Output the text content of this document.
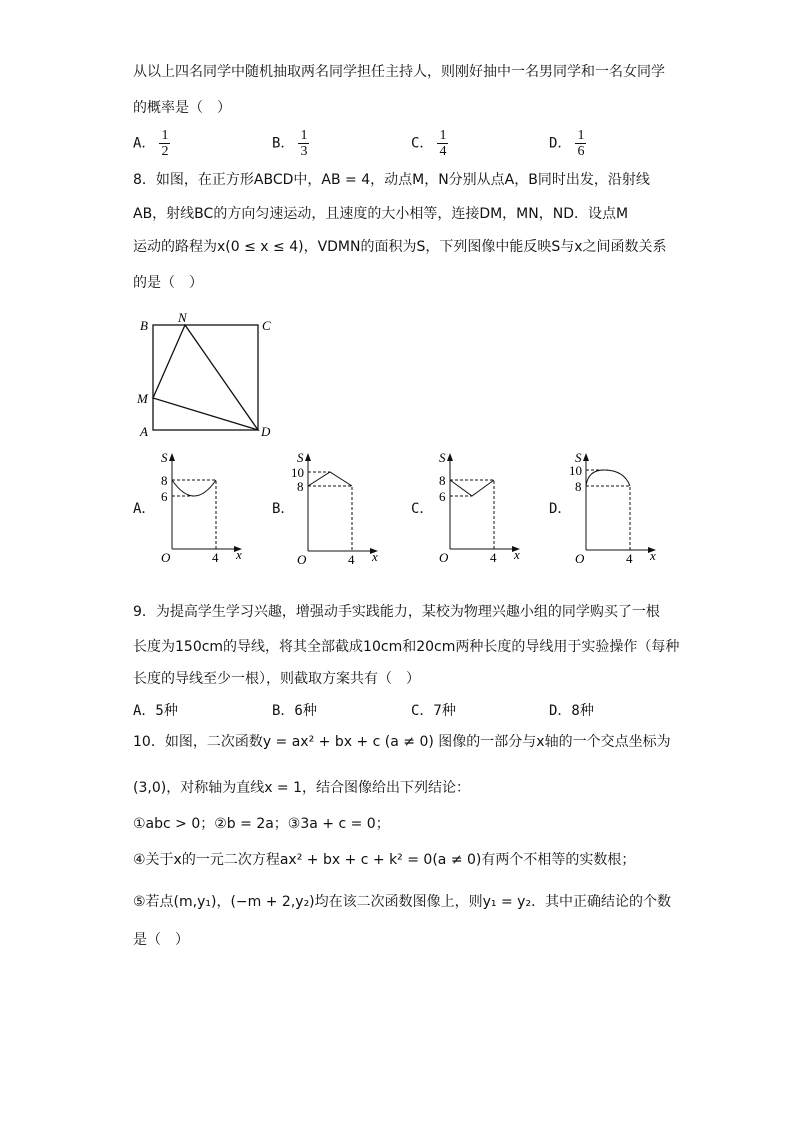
从以上四名同学中随机抽取两名同学担任主持人，则刚好抽中一名男同学和一名女同学
的概率是（　）
A． $\frac{1}{2}$	B． $\frac{1}{3}$	C． $\frac{1}{4}$	D． $\frac{1}{6}$
8．如图，在正方形ABCD中，AB = 4，动点M，N分别从点A，B同时出发，沿射线
AB，射线BC的方向匀速运动，且速度的大小相等，连接DM，MN，ND．设点M
运动的路程为x(0 ≤ x ≤ 4)，VDMN的面积为S，下列图像中能反映S与x之间函数关系
的是（　）
B
N
C
M
A	D
A．
S
8
6
O	4 x
B．
S
10
8
O	4 x
C．
S
8
6
O	4 x
D．
S
10
8
O	4 x
9．为提高学生学习兴趣，增强动手实践能力，某校为物理兴趣小组的同学购买了一根
长度为150cm的导线，将其全部截成10cm和20cm两种长度的导线用于实验操作（每种
长度的导线至少一根），则截取方案共有（　）
A．5种	B．6种	C．7种	D．8种
10．如图，二次函数y = ax² + bx + c (a ≠ 0) 图像的一部分与x轴的一个交点坐标为
(3,0)，对称轴为直线x = 1，结合图像给出下列结论：
①abc > 0；②b = 2a；③3a + c = 0；
④关于x的一元二次方程ax² + bx + c + k² = 0(a ≠ 0)有两个不相等的实数根；
⑤若点(m,y₁)，(−m + 2,y₂)均在该二次函数图像上，则y₁ = y₂．其中正确结论的个数
是（　）
